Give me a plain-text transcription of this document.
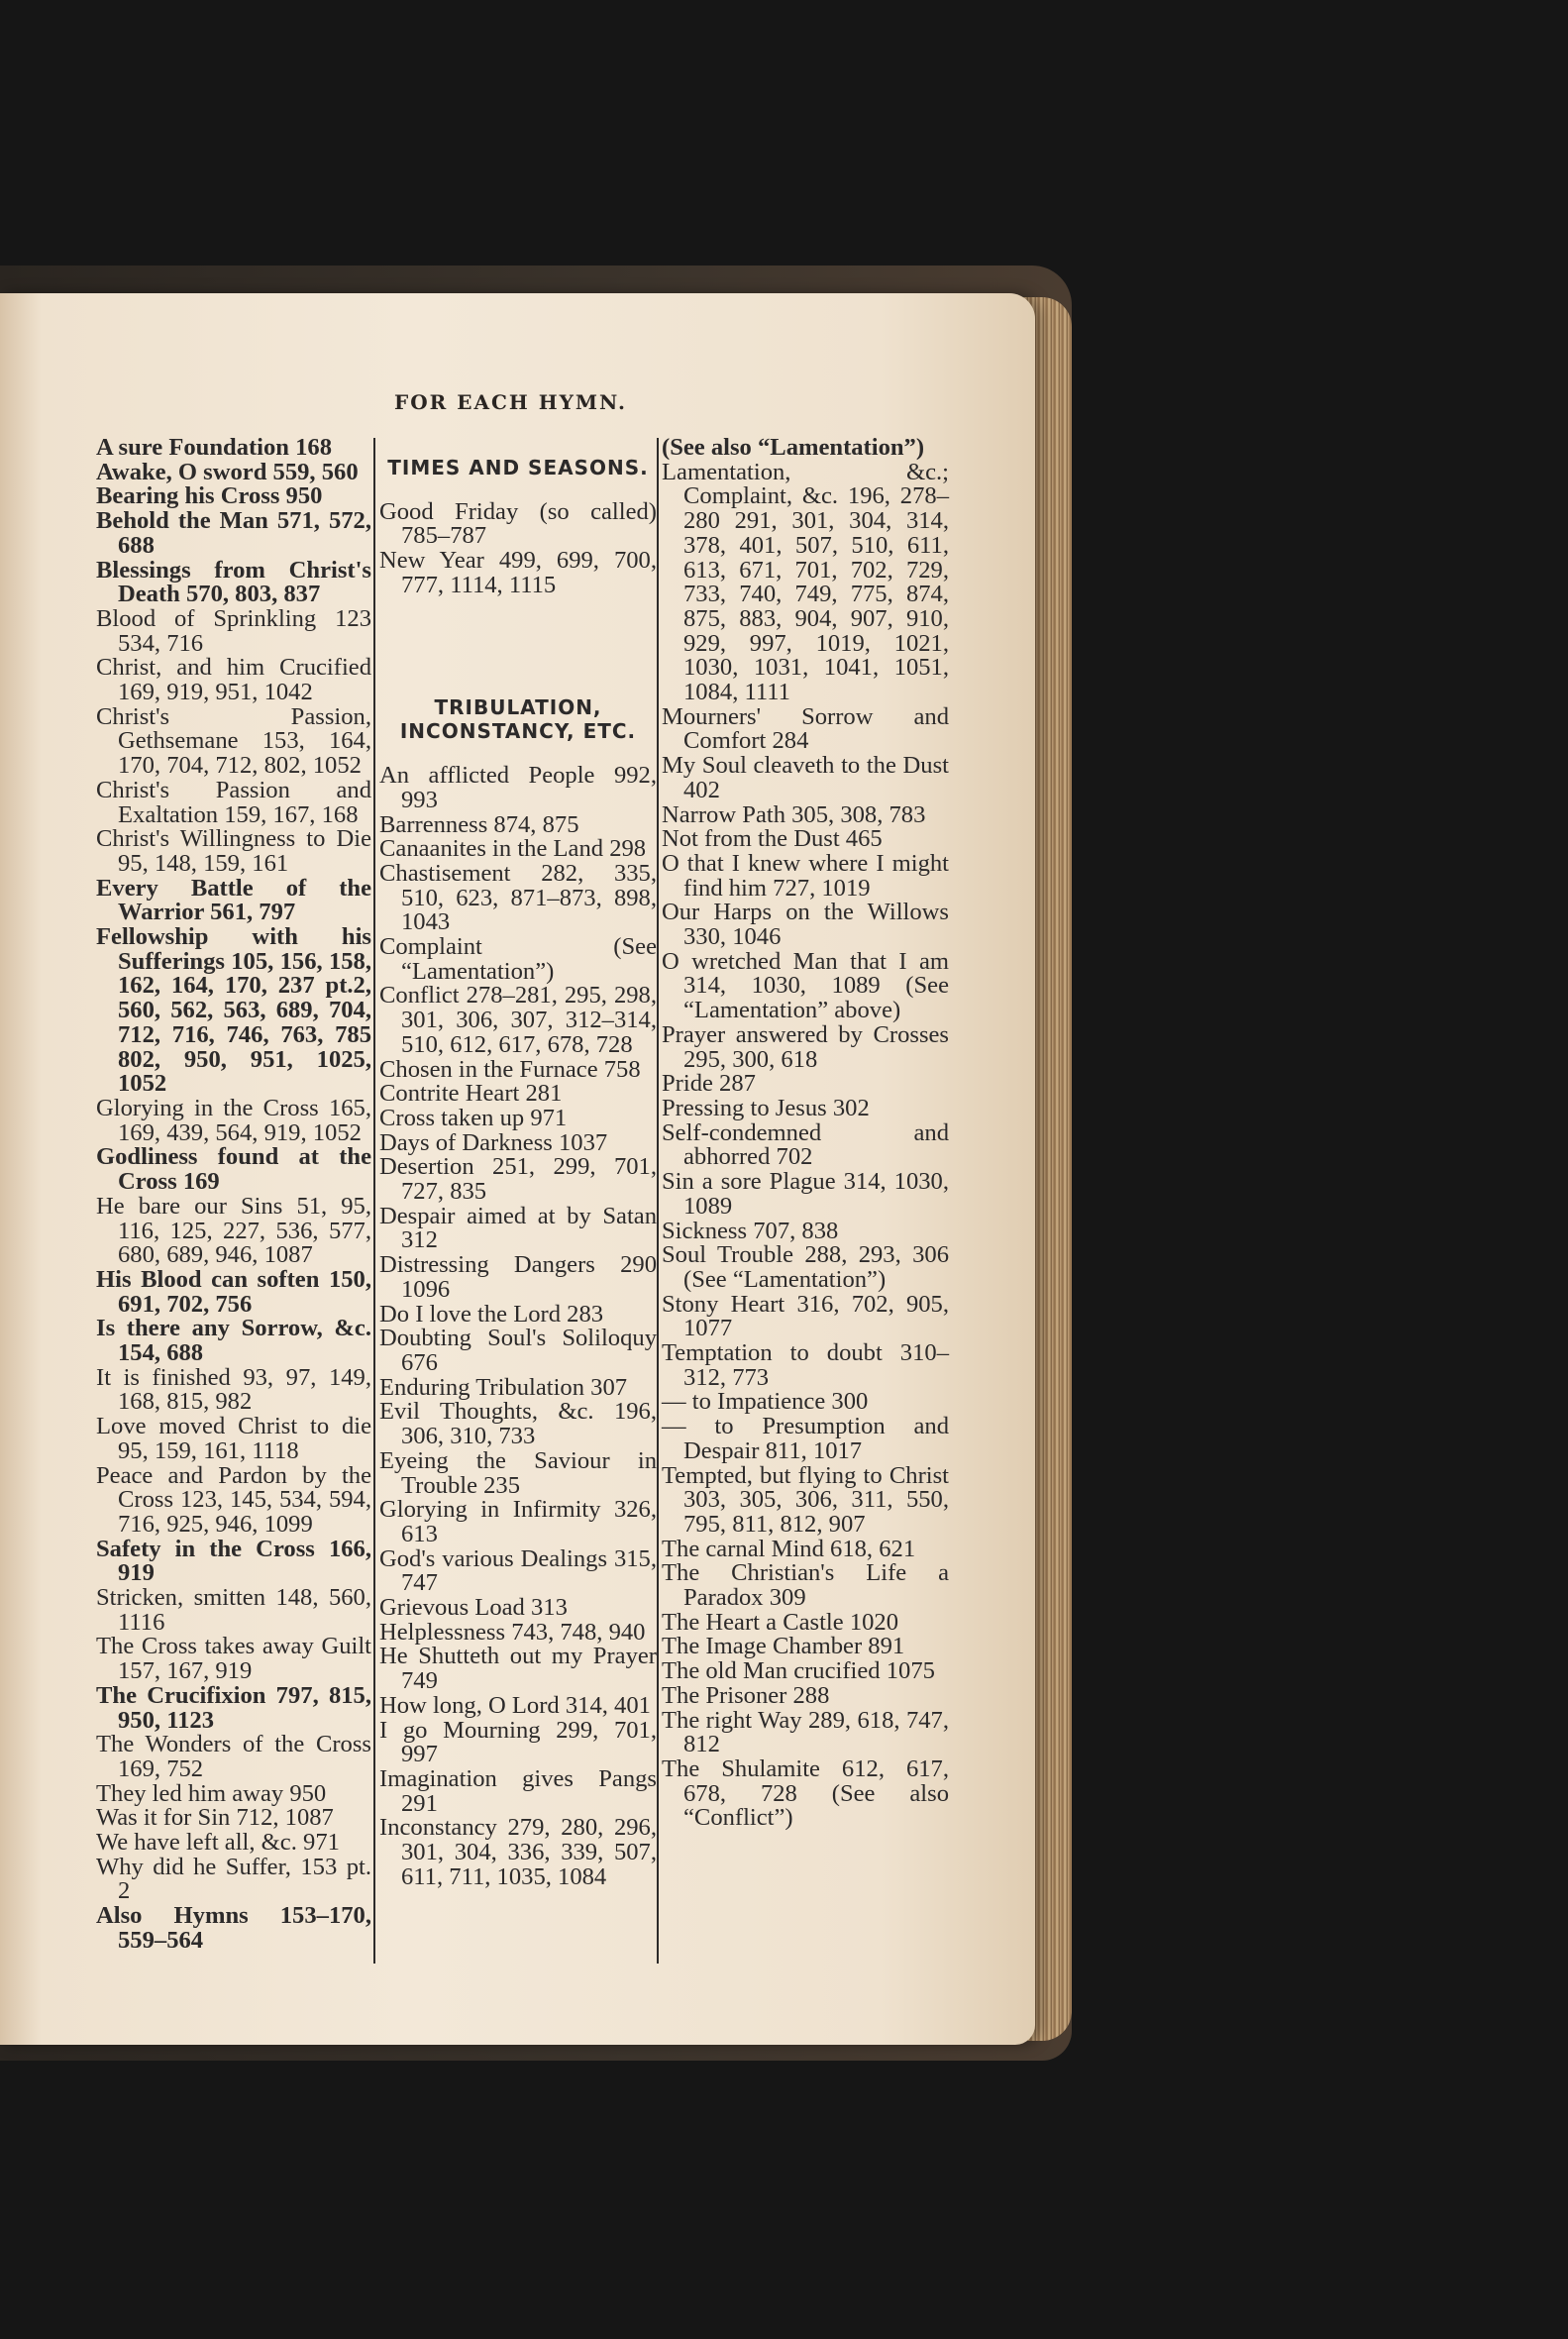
FOR EACH HYMN.

A sure Foundation 168

Awake, O sword 559, 560

Bearing his Cross 950

Behold the Man 571, 572, 688

Blessings from Christ's Death 570, 803, 837

Blood of Sprinkling 123 534, 716

Christ, and him Crucified 169, 919, 951, 1042

Christ's Passion, Gethsemane 153, 164, 170, 704, 712, 802, 1052

Christ's Passion and Exaltation 159, 167, 168

Christ's Willingness to Die 95, 148, 159, 161

Every Battle of the Warrior 561, 797

Fellowship with his Sufferings 105, 156, 158, 162, 164, 170, 237 pt.2, 560, 562, 563, 689, 704, 712, 716, 746, 763, 785 802, 950, 951, 1025, 1052

Glorying in the Cross 165, 169, 439, 564, 919, 1052

Godliness found at the Cross 169

He bare our Sins 51, 95, 116, 125, 227, 536, 577, 680, 689, 946, 1087

His Blood can soften 150, 691, 702, 756

Is there any Sorrow, &c. 154, 688

It is finished 93, 97, 149, 168, 815, 982

Love moved Christ to die 95, 159, 161, 1118

Peace and Pardon by the Cross 123, 145, 534, 594, 716, 925, 946, 1099

Safety in the Cross 166, 919

Stricken, smitten 148, 560, 1116

The Cross takes away Guilt 157, 167, 919

The Crucifixion 797, 815, 950, 1123

The Wonders of the Cross 169, 752

They led him away 950

Was it for Sin 712, 1087

We have left all, &c. 971

Why did he Suffer, 153 pt. 2

Also Hymns 153–170, 559–564

TIMES AND SEASONS.

Good Friday (so called) 785–787

New Year 499, 699, 700, 777, 1114, 1115

TRIBULATION, INCONSTANCY, ETC.

An afflicted People 992, 993

Barrenness 874, 875

Canaanites in the Land 298

Chastisement 282, 335, 510, 623, 871–873, 898, 1043

Complaint (See “Lamentation”)

Conflict 278–281, 295, 298, 301, 306, 307, 312–314, 510, 612, 617, 678, 728

Chosen in the Furnace 758

Contrite Heart 281

Cross taken up 971

Days of Darkness 1037

Desertion 251, 299, 701, 727, 835

Despair aimed at by Satan 312

Distressing Dangers 290 1096

Do I love the Lord 283

Doubting Soul's Soliloquy 676

Enduring Tribulation 307

Evil Thoughts, &c. 196, 306, 310, 733

Eyeing the Saviour in Trouble 235

Glorying in Infirmity 326, 613

God's various Dealings 315, 747

Grievous Load 313

Helplessness 743, 748, 940

He Shutteth out my Prayer 749

How long, O Lord 314, 401

I go Mourning 299, 701, 997

Imagination gives Pangs 291

Inconstancy 279, 280, 296, 301, 304, 336, 339, 507, 611, 711, 1035, 1084

(See also “Lamentation”)

Lamentation, &c.; Complaint, &c. 196, 278–280 291, 301, 304, 314, 378, 401, 507, 510, 611, 613, 671, 701, 702, 729, 733, 740, 749, 775, 874, 875, 883, 904, 907, 910, 929, 997, 1019, 1021, 1030, 1031, 1041, 1051, 1084, 1111

Mourners' Sorrow and Comfort 284

My Soul cleaveth to the Dust 402

Narrow Path 305, 308, 783

Not from the Dust 465

O that I knew where I might find him 727, 1019

Our Harps on the Willows 330, 1046

O wretched Man that I am 314, 1030, 1089 (See “Lamentation” above)

Prayer answered by Crosses 295, 300, 618

Pride 287

Pressing to Jesus 302

Self-condemned and abhorred 702

Sin a sore Plague 314, 1030, 1089

Sickness 707, 838

Soul Trouble 288, 293, 306 (See “Lamentation”)

Stony Heart 316, 702, 905, 1077

Temptation to doubt 310–312, 773

— to Impatience 300

— to Presumption and Despair 811, 1017

Tempted, but flying to Christ 303, 305, 306, 311, 550, 795, 811, 812, 907

The carnal Mind 618, 621

The Christian's Life a Paradox 309

The Heart a Castle 1020

The Image Chamber 891

The old Man crucified 1075

The Prisoner 288

The right Way 289, 618, 747, 812

The Shulamite 612, 617, 678, 728 (See also “Conflict”)
